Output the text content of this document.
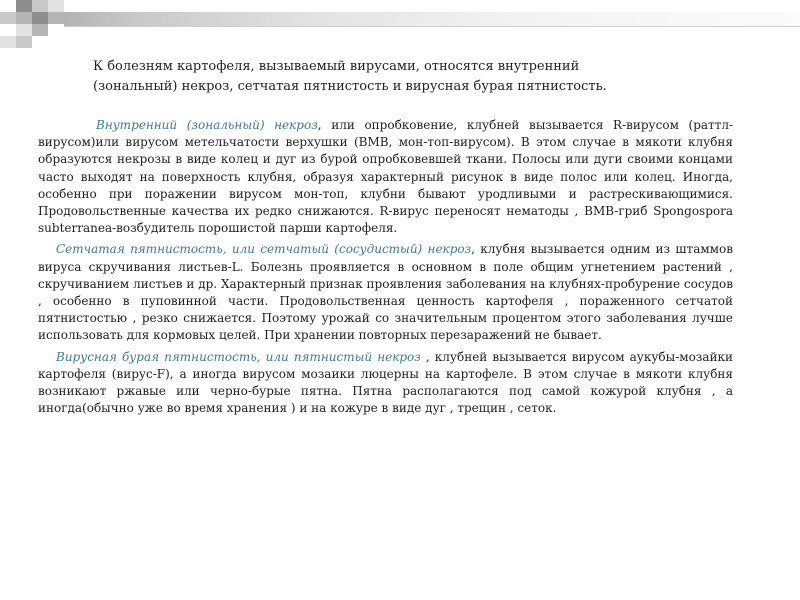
К болезням картофеля, вызываемый вирусами, относятся внутренний

(зональный) некроз, сетчатая пятнистость и вирусная бурая пятнистость.

Внутренний (зональный) некроз, или опробковение, клубней вызывается R-вирусом (раттл-вирусом)или вирусом метельчатости верхушки (BMB, мон-топ-вирусом). В этом случае в мякоти клубня образуются некрозы в виде колец и дуг из бурой опробковевшей ткани. Полосы или дуги своими концами часто выходят на поверхность клубня, образуя характерный рисунок в виде полос или колец. Иногда, особенно при поражении вирусом мон-топ, клубни бывают уродливыми и растрескивающимися. Продовольственные качества их редко снижаются. R-вирус переносят нематоды , BMB-гриб Spongospora subterranea-возбудитель порошистой парши картофеля.

Сетчатая пятнистость, или сетчатый (сосудистый) некроз, клубня вызывается одним из штаммов вируса скручивания листьев-L. Болезнь проявляется в основном в поле общим угнетением растений , скручиванием листьев и др. Характерный признак проявления заболевания на клубнях-пробурение сосудов , особенно в пуповинной части. Продовольственная ценность картофеля , пораженного сетчатой пятнистостью , резко снижается. Поэтому урожай со значительным процентом этого заболевания лучше использовать для кормовых целей. При хранении повторных перезаражений не бывает.

Вирусная бурая пятнистость, или пятнистый некроз , клубней вызывается вирусом аукубы-мозайки картофеля (вирус-F), а иногда вирусом мозаики люцерны на картофеле. В этом случае в мякоти клубня возникают ржавые или черно-бурые пятна. Пятна располагаются под самой кожурой клубня , а иногда(обычно уже во время хранения ) и на кожуре в виде дуг , трещин , сеток.
